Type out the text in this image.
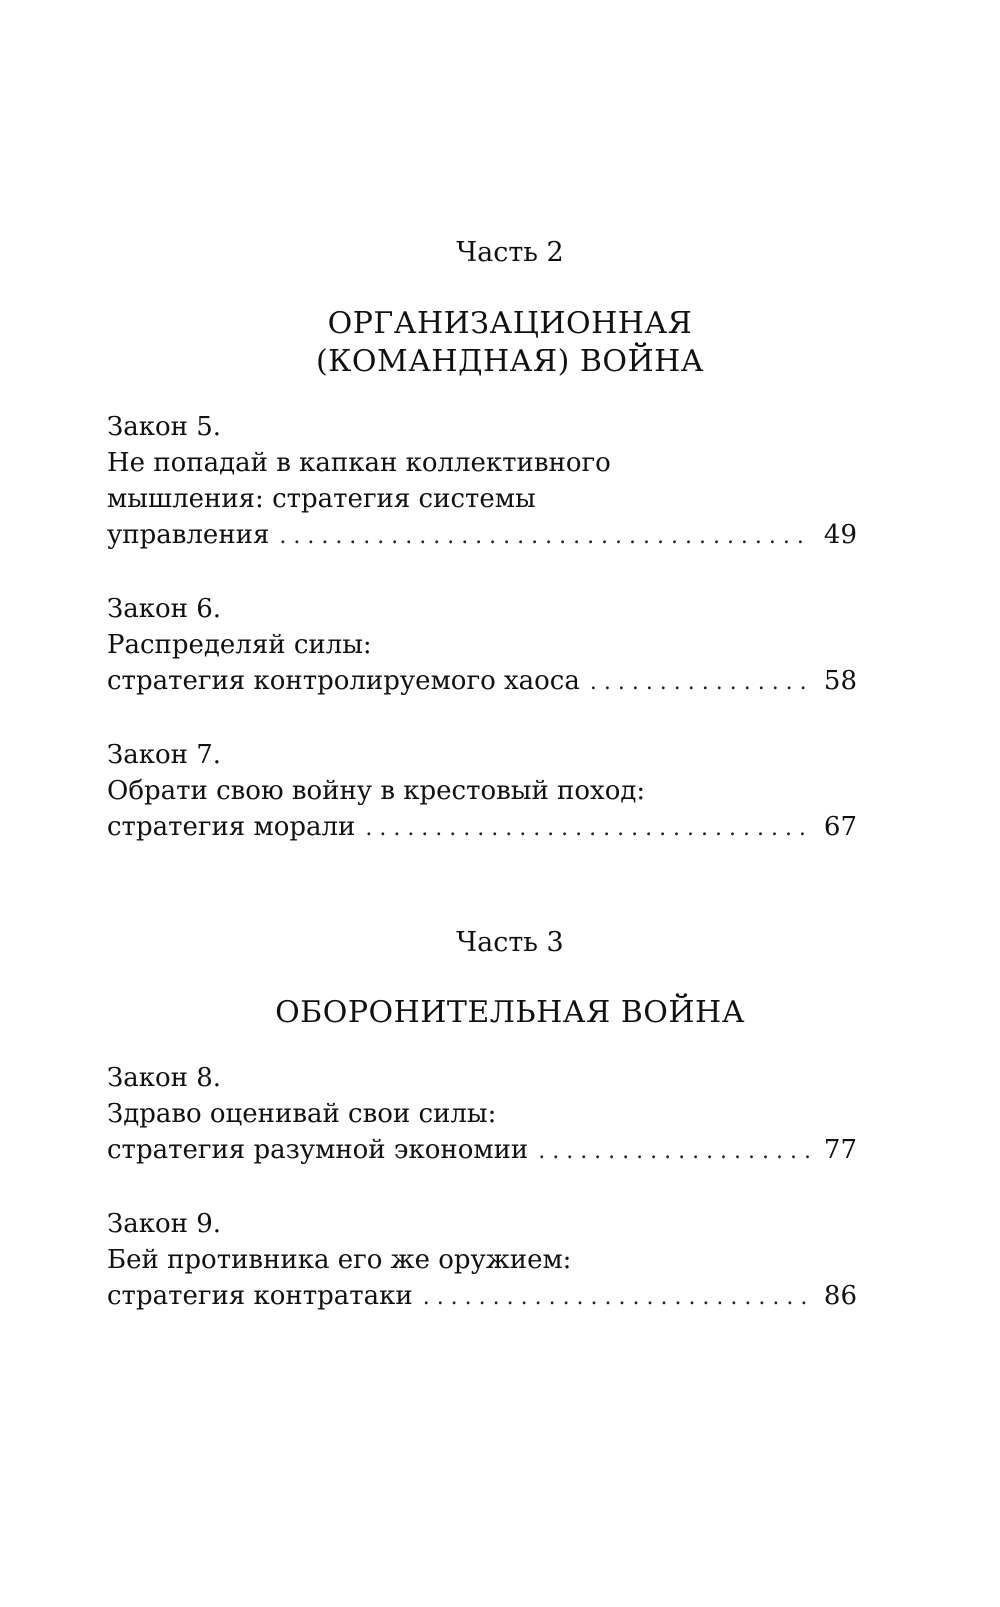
Часть 2

ОРГАНИЗАЦИОННАЯ

(КОМАНДНАЯ) ВОЙНА

Закон 5.
Не попадай в капкан коллективного
мышления: стратегия системы
управления . . .	49
Закон 6.
Распределяй силы:
стратегия контролируемого хаоса . . .	58
Закон 7.
Обрати свою войну в крестовый поход:
стратегия морали . . .	67

Часть 3

ОБОРОНИТЕЛЬНАЯ ВОЙНА

Закон 8.
Здраво оценивай свои силы:
стратегия разумной экономии . . .	77
Закон 9.
Бей противника его же оружием:
стратегия контратаки . . .	86
